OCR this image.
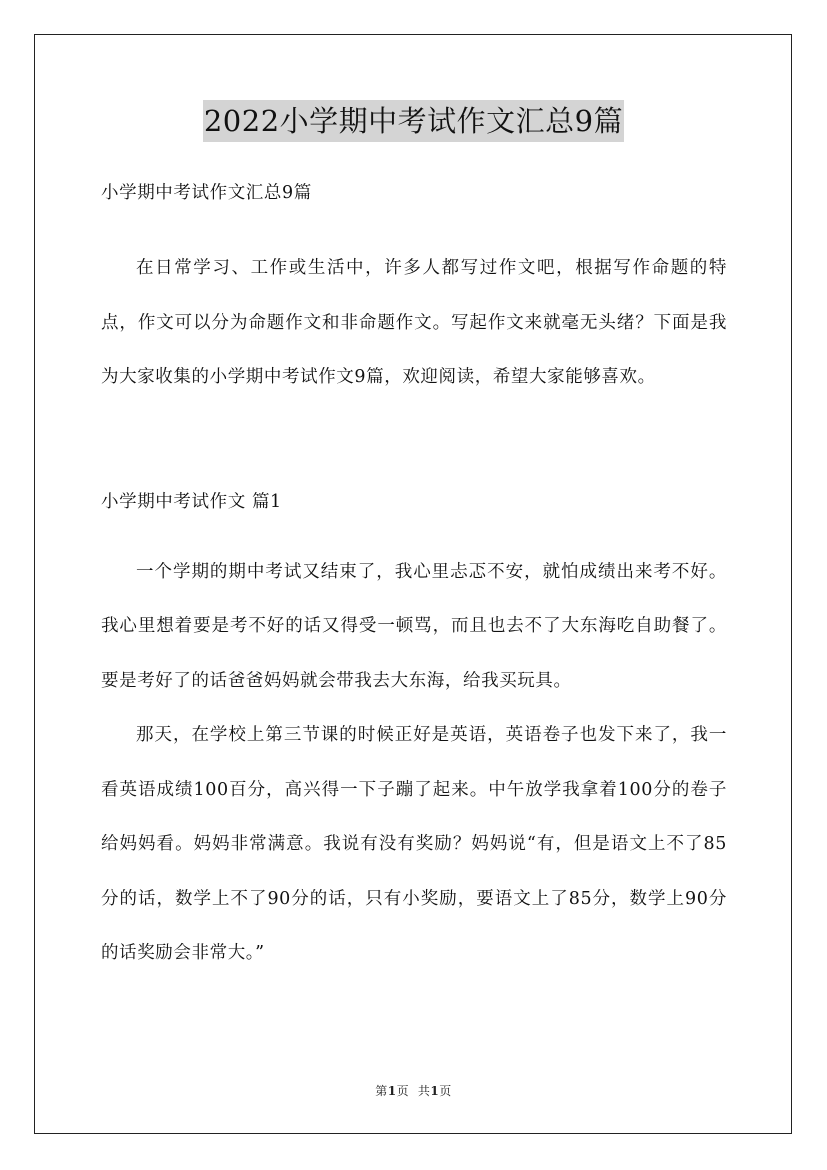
2022小学期中考试作文汇总9篇

小学期中考试作文汇总9篇

在日常学习、工作或生活中，许多人都写过作文吧，根据写作命题的特点，作文可以分为命题作文和非命题作文。写起作文来就毫无头绪？下面是我为大家收集的小学期中考试作文9篇，欢迎阅读，希望大家能够喜欢。

小学期中考试作文 篇1

一个学期的期中考试又结束了，我心里忐忑不安，就怕成绩出来考不好。我心里想着要是考不好的话又得受一顿骂，而且也去不了大东海吃自助餐了。要是考好了的话爸爸妈妈就会带我去大东海，给我买玩具。

那天，在学校上第三节课的时候正好是英语，英语卷子也发下来了，我一看英语成绩100百分，高兴得一下子蹦了起来。中午放学我拿着100分的卷子给妈妈看。妈妈非常满意。我说有没有奖励？妈妈说“有，但是语文上不了85分的话，数学上不了90分的话，只有小奖励，要语文上了85分，数学上90分的话奖励会非常大。”

第1页 共1页
